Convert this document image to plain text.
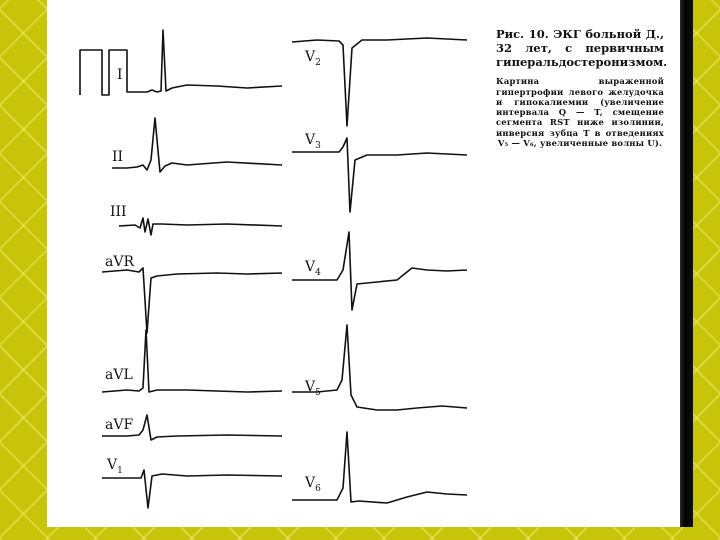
I
II
III
aVR
aVL
aVF
$V_1$
$V_2$
$V_3$
$V_4$
$V_5$
$V_6$

Рис. 10. ЭКГ больной Д., 32 лет, с первичным гиперальдостеронизмом.

Картина выраженной гипертрофии левого желудочка и гипокалиемии (увеличение интервала Q — T, смещение сегмента RST ниже изолинии, инверсия зубца T в отведениях V₅ — V₆, увеличенные волны U).
